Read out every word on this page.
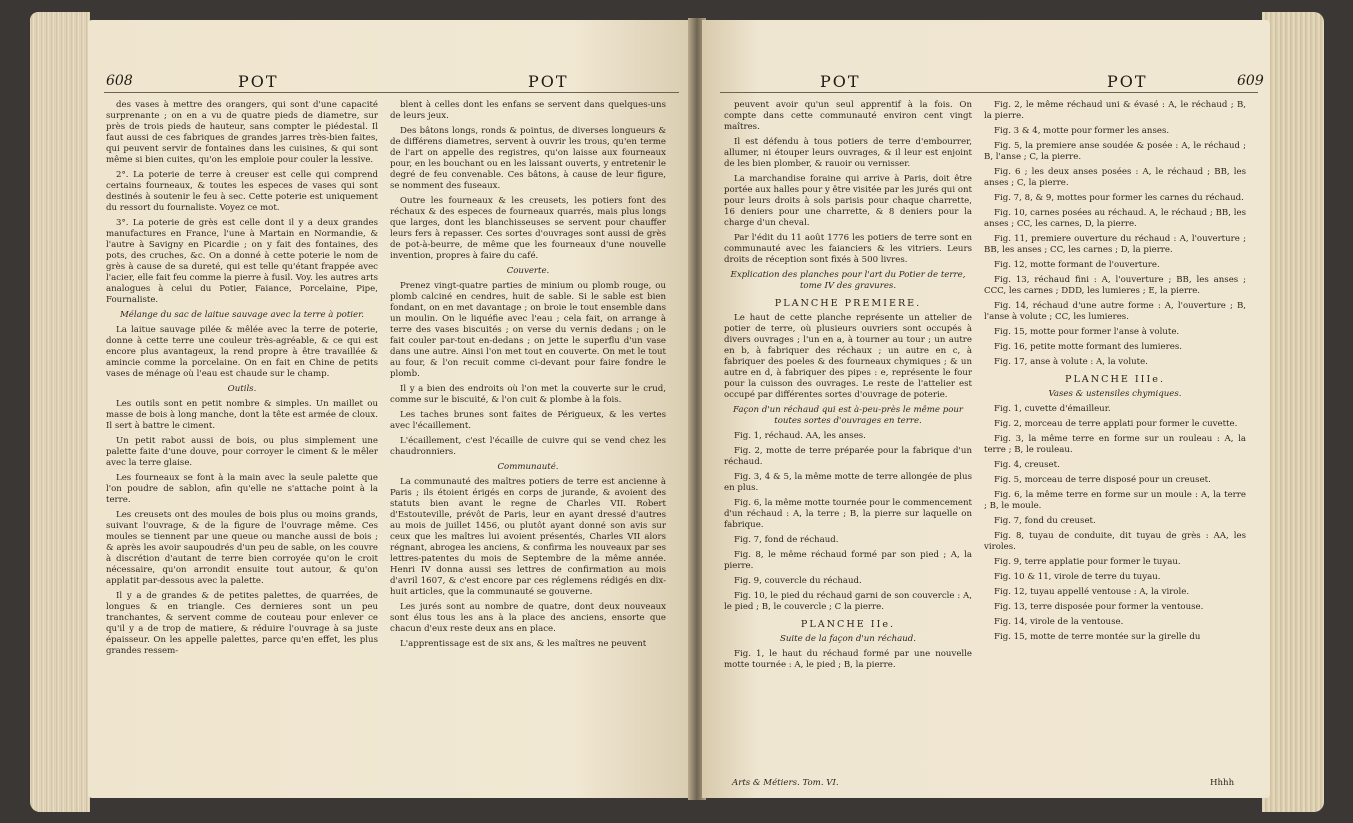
608	POT	POT

des vases à mettre des orangers, qui sont d'une capacité surprenante ; on en a vu de quatre pieds de diametre, sur près de trois pieds de hauteur, sans compter le piédestal. Il faut aussi de ces fabriques de grandes jarres très-bien faites, qui peuvent servir de fontaines dans les cuisines, & qui sont même si bien cuites, qu'on les emploie pour couler la lessive.

2°. La poterie de terre à creuser est celle qui comprend certains fourneaux, & toutes les especes de vases qui sont destinés à soutenir le feu à sec. Cette poterie est uniquement du ressort du fournaliste. Voyez ce mot.

3°. La poterie de grès est celle dont il y a deux grandes manufactures en France, l'une à Martain en Normandie, & l'autre à Savigny en Picardie ; on y fait des fontaines, des pots, des cruches, &c. On a donné à cette poterie le nom de grès à cause de sa dureté, qui est telle qu'étant frappée avec l'acier, elle fait feu comme la pierre à fusil. Voy. les autres arts analogues à celui du Potier, Faiance, Porcelaine, Pipe, Fournaliste.

Mélange du sac de laitue sauvage avec la terre à potier.

La laitue sauvage pilée & mêlée avec la terre de poterie, donne à cette terre une couleur très-agréable, & ce qui est encore plus avantageux, la rend propre à être travaillée & amincie comme la porcelaine. On en fait en Chine de petits vases de ménage où l'eau est chaude sur le champ.

Outils.

Les outils sont en petit nombre & simples. Un maillet ou masse de bois à long manche, dont la tête est armée de cloux. Il sert à battre le ciment.

Un petit rabot aussi de bois, ou plus simplement une palette faite d'une douve, pour corroyer le ciment & le mêler avec la terre glaise.

Les fourneaux se font à la main avec la seule palette que l'on poudre de sablon, afin qu'elle ne s'attache point à la terre.

Les creusets ont des moules de bois plus ou moins grands, suivant l'ouvrage, & de la figure de l'ouvrage même. Ces moules se tiennent par une queue ou manche aussi de bois ; & après les avoir saupoudrés d'un peu de sable, on les couvre à discrétion d'autant de terre bien corroyée qu'on le croit nécessaire, qu'on arrondit ensuite tout autour, & qu'on applatit par-dessous avec la palette.

Il y a de grandes & de petites palettes, de quarrées, de longues & en triangle. Ces dernieres sont un peu tranchantes, & servent comme de couteau pour enlever ce qu'il y a de trop de matiere, & réduire l'ouvrage à sa juste épaisseur. On les appelle palettes, parce qu'en effet, les plus grandes ressem-

blent à celles dont les enfans se servent dans quelques-uns de leurs jeux.

Des bâtons longs, ronds & pointus, de diverses longueurs & de différens diametres, servent à ouvrir les trous, qu'en terme de l'art on appelle des registres, qu'on laisse aux fourneaux pour, en les bouchant ou en les laissant ouverts, y entretenir le degré de feu convenable. Ces bâtons, à cause de leur figure, se nomment des fuseaux.

Outre les fourneaux & les creusets, les potiers font des réchaux & des especes de fourneaux quarrés, mais plus longs que larges, dont les blanchisseuses se servent pour chauffer leurs fers à repasser. Ces sortes d'ouvrages sont aussi de grès de pot-à-beurre, de même que les fourneaux d'une nouvelle invention, propres à faire du café.

Couverte.

Prenez vingt-quatre parties de minium ou plomb rouge, ou plomb calciné en cendres, huit de sable. Si le sable est bien fondant, on en met davantage ; on broie le tout ensemble dans un moulin. On le liquéfie avec l'eau ; cela fait, on arrange à terre des vases biscuités ; on verse du vernis dedans ; on le fait couler par-tout en-dedans ; on jette le superflu d'un vase dans une autre. Ainsi l'on met tout en couverte. On met le tout au four, & l'on recuit comme ci-devant pour faire fondre le plomb.

Il y a bien des endroits où l'on met la couverte sur le crud, comme sur le biscuité, & l'on cuit & plombe à la fois.

Les taches brunes sont faites de Périgueux, & les vertes avec l'écaillement.

L'écaillement, c'est l'écaille de cuivre qui se vend chez les chaudronniers.

Communauté.

La communauté des maîtres potiers de terre est ancienne à Paris ; ils étoient érigés en corps de jurande, & avoient des statuts bien avant le regne de Charles VII. Robert d'Estouteville, prévôt de Paris, leur en ayant dressé d'autres au mois de juillet 1456, ou plutôt ayant donné son avis sur ceux que les maîtres lui avoient présentés, Charles VII alors régnant, abrogea les anciens, & confirma les nouveaux par ses lettres-patentes du mois de Septembre de la même année. Henri IV donna aussi ses lettres de confirmation au mois d'avril 1607, & c'est encore par ces réglemens rédigés en dix-huit articles, que la communauté se gouverne.

Les jurés sont au nombre de quatre, dont deux nouveaux sont élus tous les ans à la place des anciens, ensorte que chacun d'eux reste deux ans en place.

L'apprentissage est de six ans, & les maîtres ne peuvent

POT	POT	609

peuvent avoir qu'un seul apprentif à la fois. On compte dans cette communauté environ cent vingt maîtres.

Il est défendu à tous potiers de terre d'embourrer, allumer, ni étouper leurs ouvrages, & il leur est enjoint de les bien plomber, & rauoir ou vernisser.

La marchandise foraine qui arrive à Paris, doit être portée aux halles pour y être visitée par les jurés qui ont pour leurs droits à sols parisis pour chaque charrette, 16 deniers pour une charrette, & 8 deniers pour la charge d'un cheval.

Par l'édit du 11 août 1776 les potiers de terre sont en communauté avec les faianciers & les vitriers. Leurs droits de réception sont fixés à 500 livres.

Explication des planches pour l'art du Potier de terre, tome IV des gravures.

PLANCHE PREMIERE.

Le haut de cette planche représente un attelier de potier de terre, où plusieurs ouvriers sont occupés à divers ouvrages ; l'un en a, à tourner au tour ; un autre en b, à fabriquer des réchaux ; un autre en c, à fabriquer des poeles & des fourneaux chymiques ; & un autre en d, à fabriquer des pipes : e, représente le four pour la cuisson des ouvrages. Le reste de l'attelier est occupé par différentes sortes d'ouvrage de poterie.

Façon d'un réchaud qui est à-peu-près le même pour toutes sortes d'ouvrages en terre.

Fig. 1, réchaud. AA, les anses.

Fig. 2, motte de terre préparée pour la fabrique d'un réchaud.

Fig. 3, 4 & 5, la même motte de terre allongée de plus en plus.

Fig. 6, la même motte tournée pour le commencement d'un réchaud : A, la terre ; B, la pierre sur laquelle on fabrique.

Fig. 7, fond de réchaud.

Fig. 8, le même réchaud formé par son pied ; A, la pierre.

Fig. 9, couvercle du réchaud.

Fig. 10, le pied du réchaud garni de son couvercle : A, le pied ; B, le couvercle ; C la pierre.

PLANCHE IIe.

Suite de la façon d'un réchaud.

Fig. 1, le haut du réchaud formé par une nouvelle motte tournée : A, le pied ; B, la pierre.

Fig. 2, le même réchaud uni & évasé : A, le réchaud ; B, la pierre.

Fig. 3 & 4, motte pour former les anses.

Fig. 5, la premiere anse soudée & posée : A, le réchaud ; B, l'anse ; C, la pierre.

Fig. 6 ; les deux anses posées : A, le réchaud ; BB, les anses ; C, la pierre.

Fig. 7, 8, & 9, mottes pour former les carnes du réchaud.

Fig. 10, carnes posées au réchaud. A, le réchaud ; BB, les anses ; CC, les carnes, D, la pierre.

Fig. 11, premiere ouverture du réchaud : A, l'ouverture ; BB, les anses ; CC, les carnes ; D, la pierre.

Fig. 12, motte formant de l'ouverture.

Fig. 13, réchaud fini : A, l'ouverture ; BB, les anses ; CCC, les carnes ; DDD, les lumieres ; E, la pierre.

Fig. 14, réchaud d'une autre forme : A, l'ouverture ; B, l'anse à volute ; CC, les lumieres.

Fig. 15, motte pour former l'anse à volute.

Fig. 16, petite motte formant des lumieres.

Fig. 17, anse à volute : A, la volute.

PLANCHE IIIe.

Vases & ustensiles chymiques.

Fig. 1, cuvette d'émailleur.

Fig. 2, morceau de terre applati pour former le cuvette.

Fig. 3, la même terre en forme sur un rouleau : A, la terre ; B, le rouleau.

Fig. 4, creuset.

Fig. 5, morceau de terre disposé pour un creuset.

Fig. 6, la même terre en forme sur un moule : A, la terre ; B, le moule.

Fig. 7, fond du creuset.

Fig. 8, tuyau de conduite, dit tuyau de grès : AA, les viroles.

Fig. 9, terre applatie pour former le tuyau.

Fig. 10 & 11, virole de terre du tuyau.

Fig. 12, tuyau appellé ventouse : A, la virole.

Fig. 13, terre disposée pour former la ventouse.

Fig. 14, virole de la ventouse.

Fig. 15, motte de terre montée sur la girelle du

Arts & Métiers. Tom. VI.	Hhhh
